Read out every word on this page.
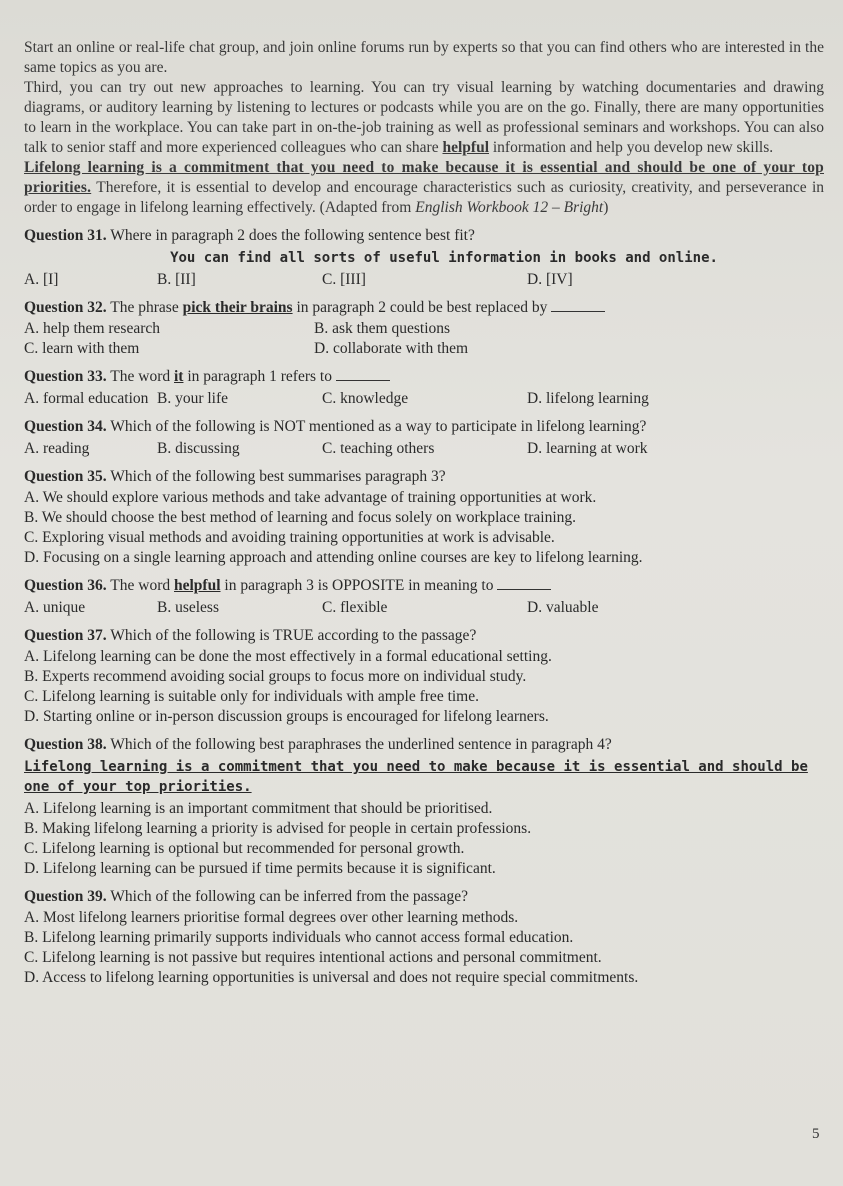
Start an online or real-life chat group, and join online forums run by experts so that you can find others who are interested in the same topics as you are.

Third, you can try out new approaches to learning. You can try visual learning by watching documentaries and drawing diagrams, or auditory learning by listening to lectures or podcasts while you are on the go. Finally, there are many opportunities to learn in the workplace. You can take part in on-the-job training as well as professional seminars and workshops. You can also talk to senior staff and more experienced colleagues who can share helpful information and help you develop new skills.

Lifelong learning is a commitment that you need to make because it is essential and should be one of your top priorities. Therefore, it is essential to develop and encourage characteristics such as curiosity, creativity, and perseverance in order to engage in lifelong learning effectively. (Adapted from English Workbook 12 – Bright)

Question 31. Where in paragraph 2 does the following sentence best fit?
You can find all sorts of useful information in books and online.
A. [I]	B. [II]	C. [III]	D. [IV]
Question 32. The phrase pick their brains in paragraph 2 could be best replaced by
A. help them research	B. ask them questions
C. learn with them	D. collaborate with them
Question 33. The word it in paragraph 1 refers to
A. formal education B. your life	C. knowledge	D. lifelong learning
Question 34. Which of the following is NOT mentioned as a way to participate in lifelong learning?
A. reading	B. discussing	C. teaching others	D. learning at work
Question 35. Which of the following best summarises paragraph 3?
A. We should explore various methods and take advantage of training opportunities at work.
B. We should choose the best method of learning and focus solely on workplace training.
C. Exploring visual methods and avoiding training opportunities at work is advisable.
D. Focusing on a single learning approach and attending online courses are key to lifelong learning.
Question 36. The word helpful in paragraph 3 is OPPOSITE in meaning to
A. unique	B. useless	C. flexible	D. valuable
Question 37. Which of the following is TRUE according to the passage?
A. Lifelong learning can be done the most effectively in a formal educational setting.
B. Experts recommend avoiding social groups to focus more on individual study.
C. Lifelong learning is suitable only for individuals with ample free time.
D. Starting online or in-person discussion groups is encouraged for lifelong learners.
Question 38. Which of the following best paraphrases the underlined sentence in paragraph 4?
Lifelong learning is a commitment that you need to make because it is essential and should be one of your top priorities.
A. Lifelong learning is an important commitment that should be prioritised.
B. Making lifelong learning a priority is advised for people in certain professions.
C. Lifelong learning is optional but recommended for personal growth.
D. Lifelong learning can be pursued if time permits because it is significant.
Question 39. Which of the following can be inferred from the passage?
A. Most lifelong learners prioritise formal degrees over other learning methods.
B. Lifelong learning primarily supports individuals who cannot access formal education.
C. Lifelong learning is not passive but requires intentional actions and personal commitment.
D. Access to lifelong learning opportunities is universal and does not require special commitments.
5
